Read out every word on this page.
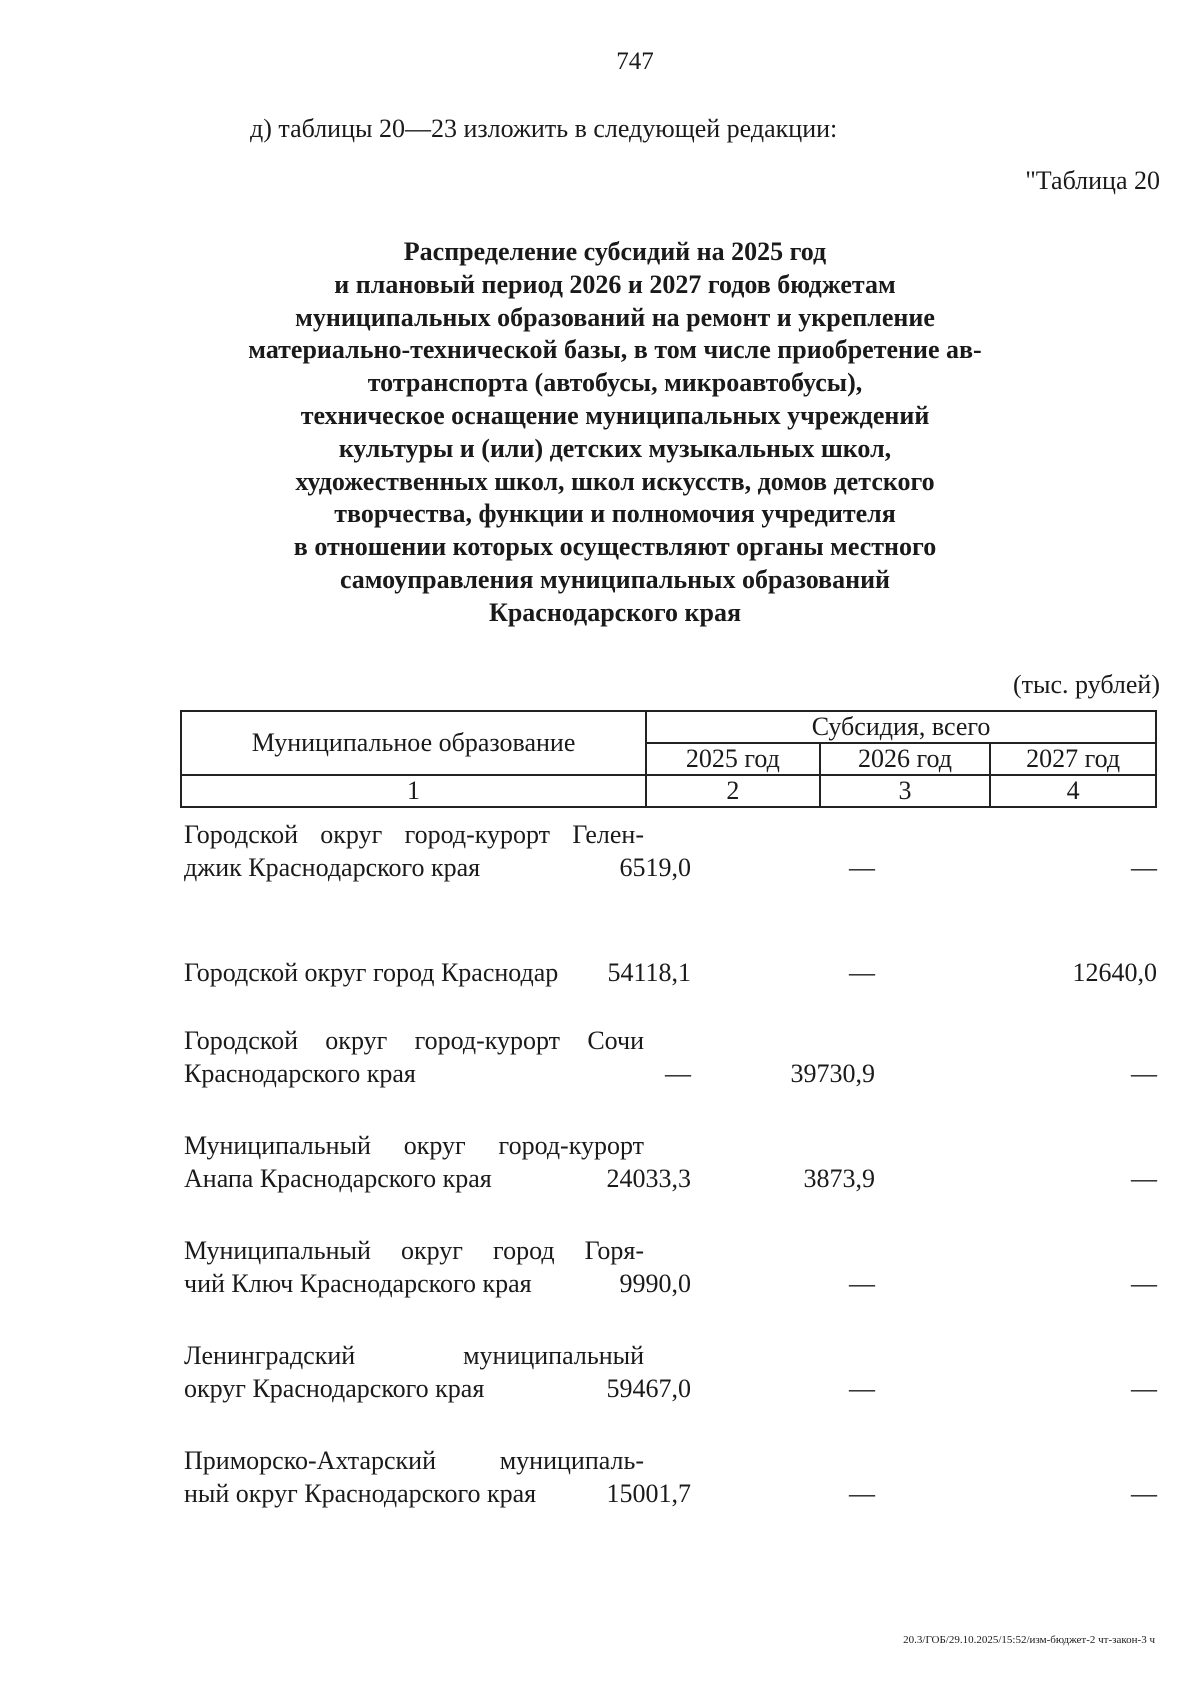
747
д) таблицы 20—23 изложить в следующей редакции:
"Таблица 20
Распределение субсидий на 2025 год
и плановый период 2026 и 2027 годов бюджетам
муниципальных образований на ремонт и укрепление
материально-технической базы, в том числе приобретение ав-
тотранспорта (автобусы, микроавтобусы),
техническое оснащение муниципальных учреждений
культуры и (или) детских музыкальных школ,
художественных школ, школ искусств, домов детского
творчества, функции и полномочия учредителя
в отношении которых осуществляют органы местного
самоуправления муниципальных образований
Краснодарского края
(тыс. рублей)
Муниципальное образование	Субсидия, всего		
	2025 год	2026 год	2027 год
1	2	3	4
Городской округ город-курорт Гелен-
джик Краснодарского края	6519,0	—	—
Городской округ город Краснодар	54118,1	—	12640,0
Городской округ город-курорт Сочи
Краснодарского края	—	39730,9	—
Муниципальный округ город-курорт
Анапа Краснодарского края	24033,3	3873,9	—
Муниципальный округ город Горя-
чий Ключ Краснодарского края	9990,0	—	—
Ленинградский муниципальный
округ Краснодарского края	59467,0	—	—
Приморско-Ахтарский муниципаль-
ный округ Краснодарского края	15001,7	—	—
20.3/ГОБ/29.10.2025/15:52/изм-бюджет-2 чт-закон-3 ч
